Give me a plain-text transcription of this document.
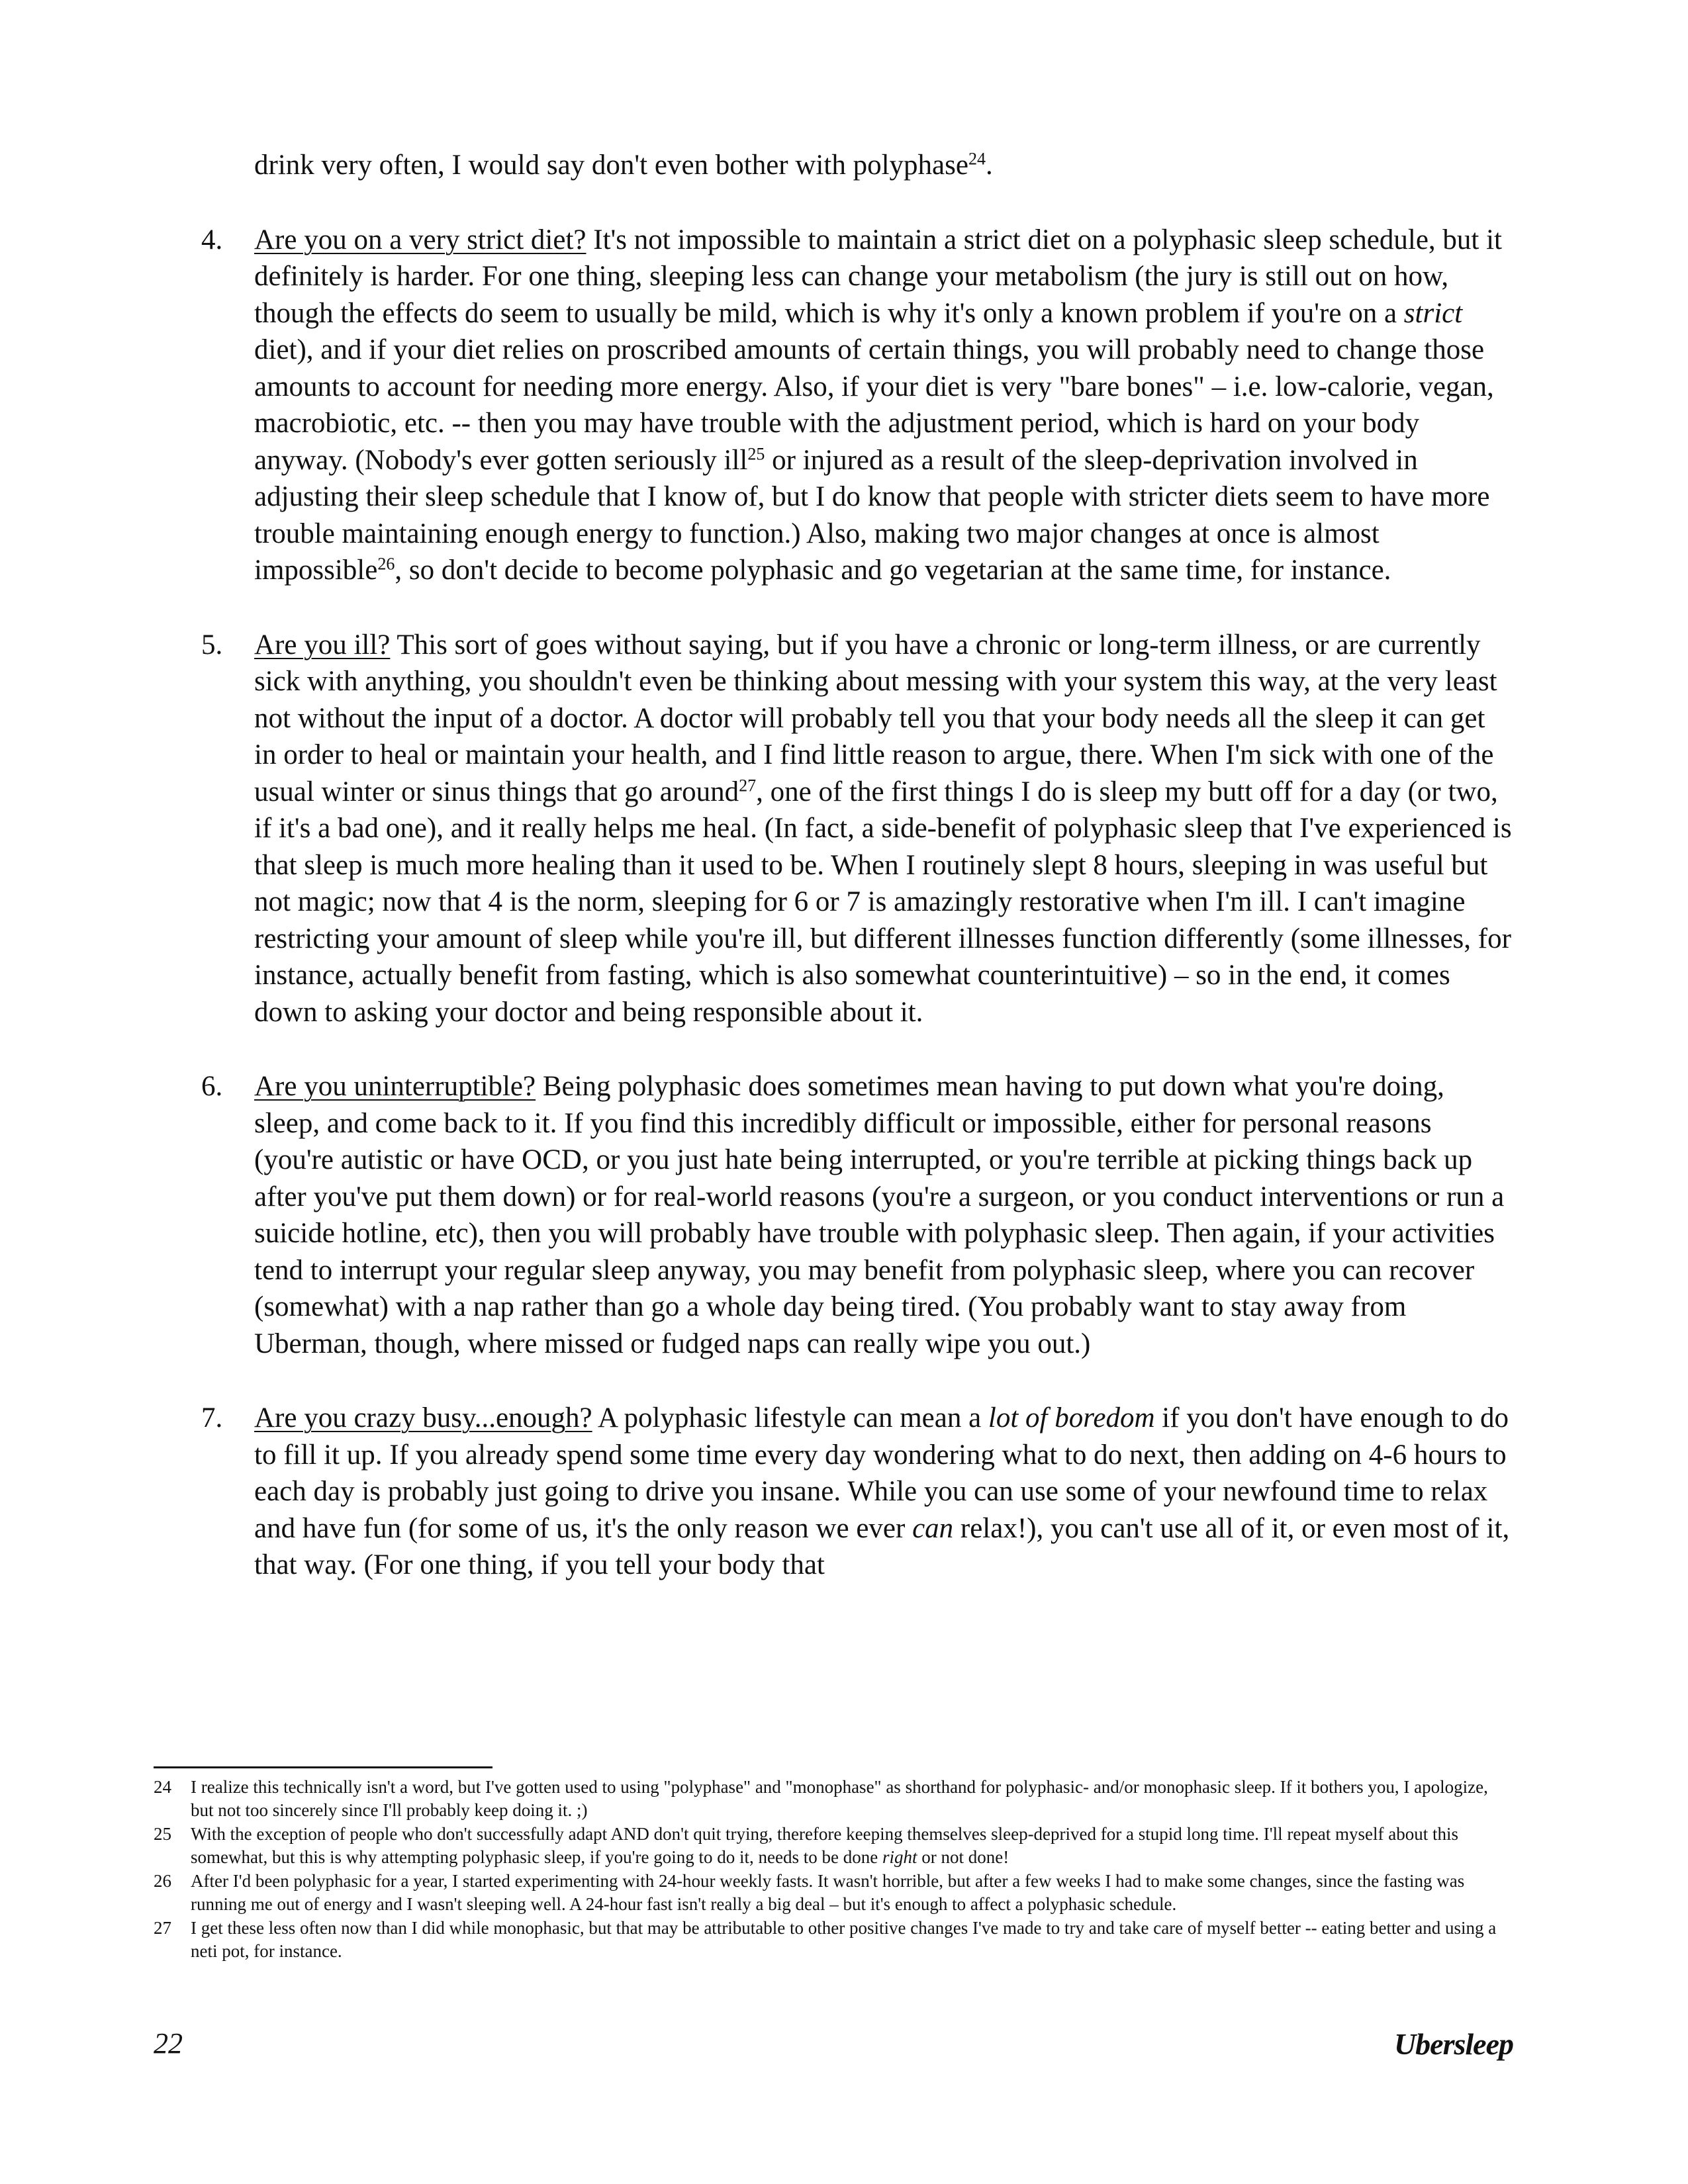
drink very often, I would say don't even bother with polyphase$^{24}$.

4. Are you on a very strict diet? It's not impossible to maintain a strict diet on a polyphasic sleep schedule, but it definitely is harder. For one thing, sleeping less can change your metabolism (the jury is still out on how, though the effects do seem to usually be mild, which is why it's only a known problem if you're on a strict diet), and if your diet relies on proscribed amounts of certain things, you will probably need to change those amounts to account for needing more energy. Also, if your diet is very "bare bones" – i.e. low-calorie, vegan, macrobiotic, etc. -- then you may have trouble with the adjustment period, which is hard on your body anyway. (Nobody's ever gotten seriously ill$^{25}$ or injured as a result of the sleep-deprivation involved in adjusting their sleep schedule that I know of, but I do know that people with stricter diets seem to have more trouble maintaining enough energy to function.) Also, making two major changes at once is almost impossible$^{26}$, so don't decide to become polyphasic and go vegetarian at the same time, for instance.

5. Are you ill? This sort of goes without saying, but if you have a chronic or long-term illness, or are currently sick with anything, you shouldn't even be thinking about messing with your system this way, at the very least not without the input of a doctor. A doctor will probably tell you that your body needs all the sleep it can get in order to heal or maintain your health, and I find little reason to argue, there. When I'm sick with one of the usual winter or sinus things that go around$^{27}$, one of the first things I do is sleep my butt off for a day (or two, if it's a bad one), and it really helps me heal. (In fact, a side-benefit of polyphasic sleep that I've experienced is that sleep is much more healing than it used to be. When I routinely slept 8 hours, sleeping in was useful but not magic; now that 4 is the norm, sleeping for 6 or 7 is amazingly restorative when I'm ill. I can't imagine restricting your amount of sleep while you're ill, but different illnesses function differently (some illnesses, for instance, actually benefit from fasting, which is also somewhat counterintuitive) – so in the end, it comes down to asking your doctor and being responsible about it.

6. Are you uninterruptible? Being polyphasic does sometimes mean having to put down what you're doing, sleep, and come back to it. If you find this incredibly difficult or impossible, either for personal reasons (you're autistic or have OCD, or you just hate being interrupted, or you're terrible at picking things back up after you've put them down) or for real-world reasons (you're a surgeon, or you conduct interventions or run a suicide hotline, etc), then you will probably have trouble with polyphasic sleep. Then again, if your activities tend to interrupt your regular sleep anyway, you may benefit from polyphasic sleep, where you can recover (somewhat) with a nap rather than go a whole day being tired. (You probably want to stay away from Uberman, though, where missed or fudged naps can really wipe you out.)

7. Are you crazy busy...enough? A polyphasic lifestyle can mean a lot of boredom if you don't have enough to do to fill it up. If you already spend some time every day wondering what to do next, then adding on 4-6 hours to each day is probably just going to drive you insane. While you can use some of your newfound time to relax and have fun (for some of us, it's the only reason we ever can relax!), you can't use all of it, or even most of it, that way. (For one thing, if you tell your body that

24 I realize this technically isn't a word, but I've gotten used to using "polyphase" and "monophase" as shorthand for polyphasic- and/or monophasic sleep. If it bothers you, I apologize, but not too sincerely since I'll probably keep doing it. ;)
25 With the exception of people who don't successfully adapt AND don't quit trying, therefore keeping themselves sleep-deprived for a stupid long time. I'll repeat myself about this somewhat, but this is why attempting polyphasic sleep, if you're going to do it, needs to be done right or not done!
26 After I'd been polyphasic for a year, I started experimenting with 24-hour weekly fasts. It wasn't horrible, but after a few weeks I had to make some changes, since the fasting was running me out of energy and I wasn't sleeping well. A 24-hour fast isn't really a big deal – but it's enough to affect a polyphasic schedule.
27 I get these less often now than I did while monophasic, but that may be attributable to other positive changes I've made to try and take care of myself better -- eating better and using a neti pot, for instance.
22	Ubersleep
